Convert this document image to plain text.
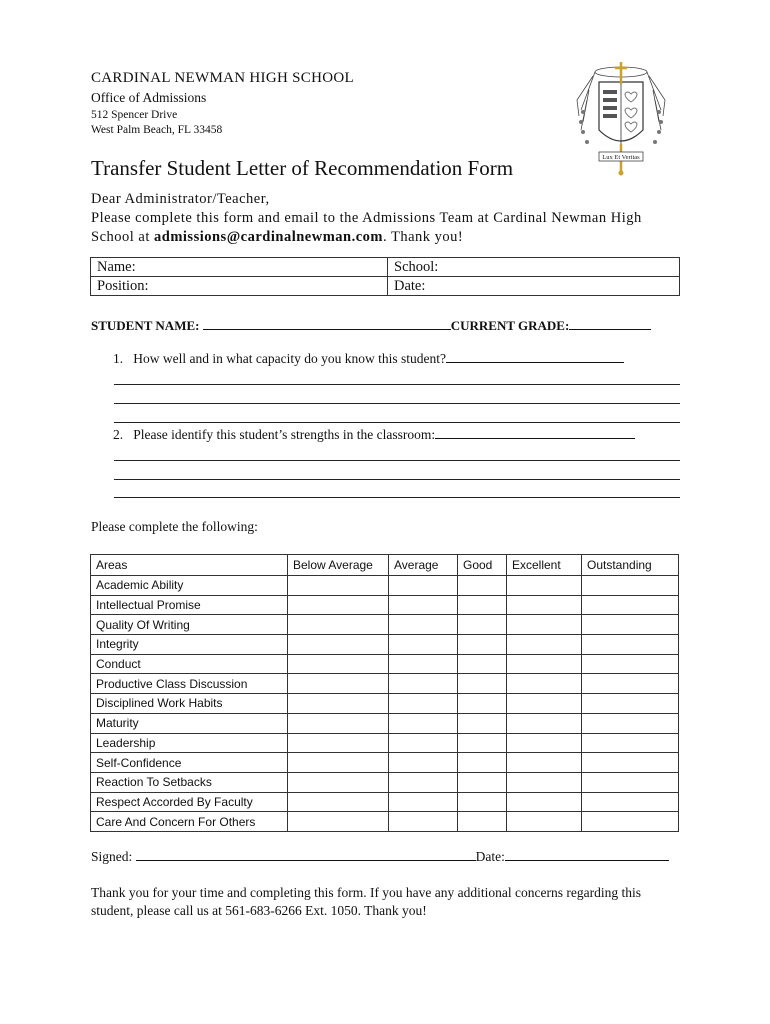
CARDINAL NEWMAN HIGH SCHOOL
Office of Admissions
512 Spencer Drive
West Palm Beach, FL 33458
Lux Et Veritas
Transfer Student Letter of Recommendation Form

Dear Administrator/Teacher,

Please complete this form and email to the Admissions Team at Cardinal Newman High School at admissions@cardinalnewman.com. Thank you!

Name:	School:
Position:	Date:
STUDENT NAME:	CURRENT GRADE:
1. How well and in what capacity do you know this student?
2. Please identify this student’s strengths in the classroom:
Please complete the following:
Areas	Below Average	Average	Good	Excellent	Outstanding
Academic Ability					
Intellectual Promise					
Quality Of Writing					
Integrity					
Conduct					
Productive Class Discussion					
Disciplined Work Habits					
Maturity					
Leadership					
Self-Confidence					
Reaction To Setbacks					
Respect Accorded By Faculty					
Care And Concern For Others					
Signed:	Date:
Thank you for your time and completing this form. If you have any additional concerns regarding this student, please call us at 561-683-6266 Ext. 1050. Thank you!
